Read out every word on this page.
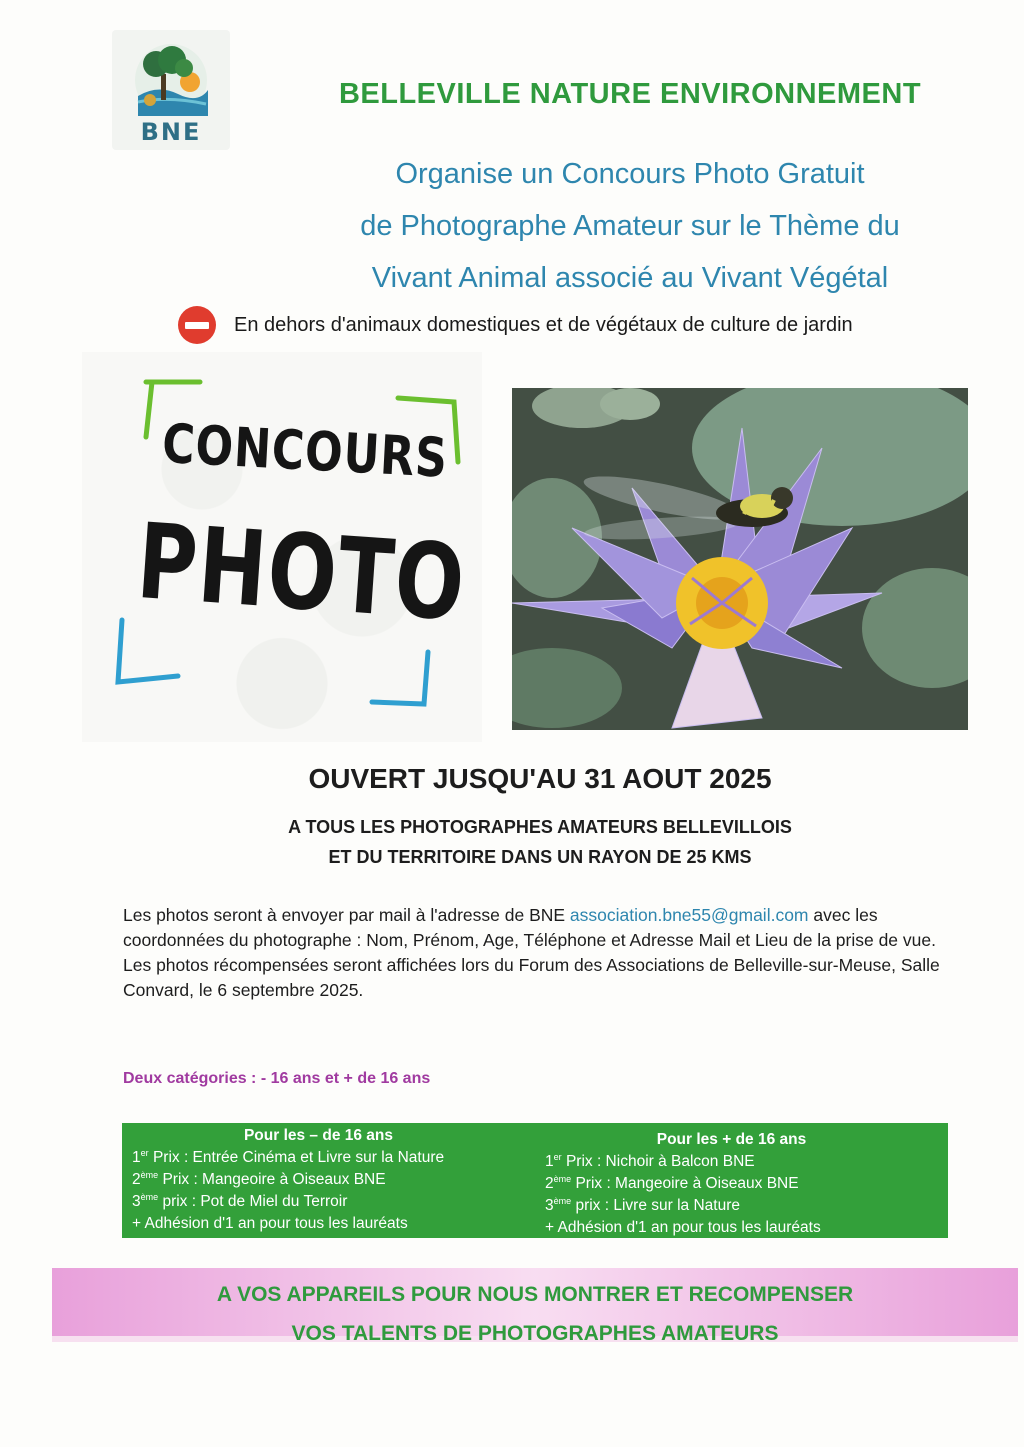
BNE
BELLEVILLE NATURE ENVIRONNEMENT
Organise un Concours Photo Gratuit
de Photographe Amateur sur le Thème du
Vivant Animal associé au Vivant Végétal
En dehors d'animaux domestiques et de végétaux de culture de jardin
CONCOURS
PHOTO
OUVERT JUSQU'AU 31 AOUT 2025
A TOUS LES PHOTOGRAPHES AMATEURS BELLEVILLOIS
ET DU TERRITOIRE DANS UN RAYON DE 25 KMS

Les photos seront à envoyer par mail à l'adresse de BNE association.bne55@gmail.com avec les coordonnées du photographe : Nom, Prénom, Age, Téléphone et Adresse Mail et Lieu de la prise de vue.

Les photos récompensées seront affichées lors du Forum des Associations de Belleville-sur-Meuse, Salle Convard, le 6 septembre 2025.

Deux catégories : - 16 ans et + de 16 ans
Pour les – de 16 ans
1er Prix : Entrée Cinéma et Livre sur la Nature
2ème Prix : Mangeoire à Oiseaux BNE
3ème prix : Pot de Miel du Terroir
+ Adhésion d'1 an pour tous les lauréats
Pour les + de 16 ans
1er Prix : Nichoir à Balcon BNE
2ème Prix : Mangeoire à Oiseaux BNE
3ème prix : Livre sur la Nature
+ Adhésion d'1 an pour tous les lauréats
A VOS APPAREILS POUR NOUS MONTRER ET RECOMPENSER
VOS TALENTS DE PHOTOGRAPHES AMATEURS
